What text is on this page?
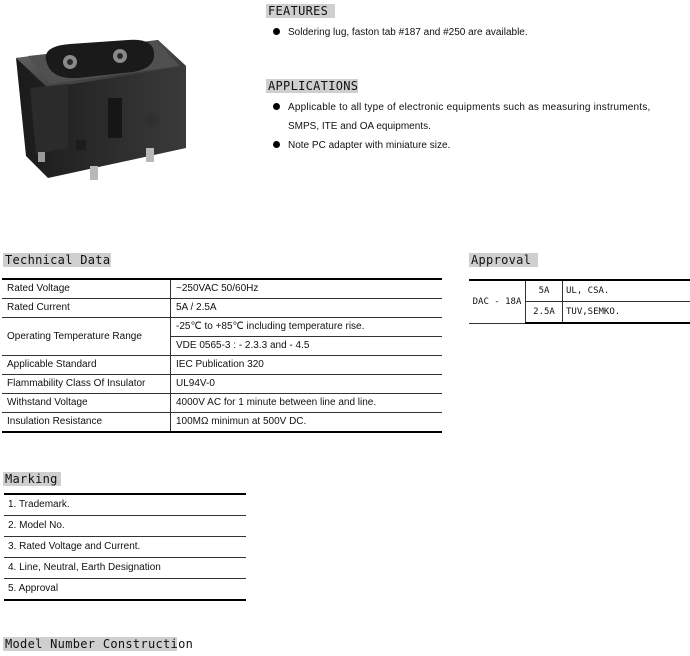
FEATURES
Soldering lug, faston tab #187 and #250 are available.
APPLICATIONS
Applicable to all type of electronic equipments such as measuring instruments,
SMPS, ITE and OA equipments.
Note PC adapter with miniature size.
Technical Data
Rated Voltage	~250VAC 50/60Hz
Rated Current	5A / 2.5A
Operating Temperature Range	-25℃ to +85℃ including temperature rise.
	VDE 0565-3 : - 2.3.3 and - 4.5
Applicable Standard	IEC Publication 320
Flammability Class Of Insulator	UL94V-0
Withstand Voltage	4000V AC for 1 minute between line and line.
Insulation Resistance	100MΩ minimun at 500V DC.
Approval
DAC - 18A	5A	UL, CSA.
	2.5A	TUV,SEMKO.
Marking
1. Trademark.
2. Model No.
3. Rated Voltage and Current.
4. Line, Neutral, Earth Designation
5. Approval
Model Number Construction
